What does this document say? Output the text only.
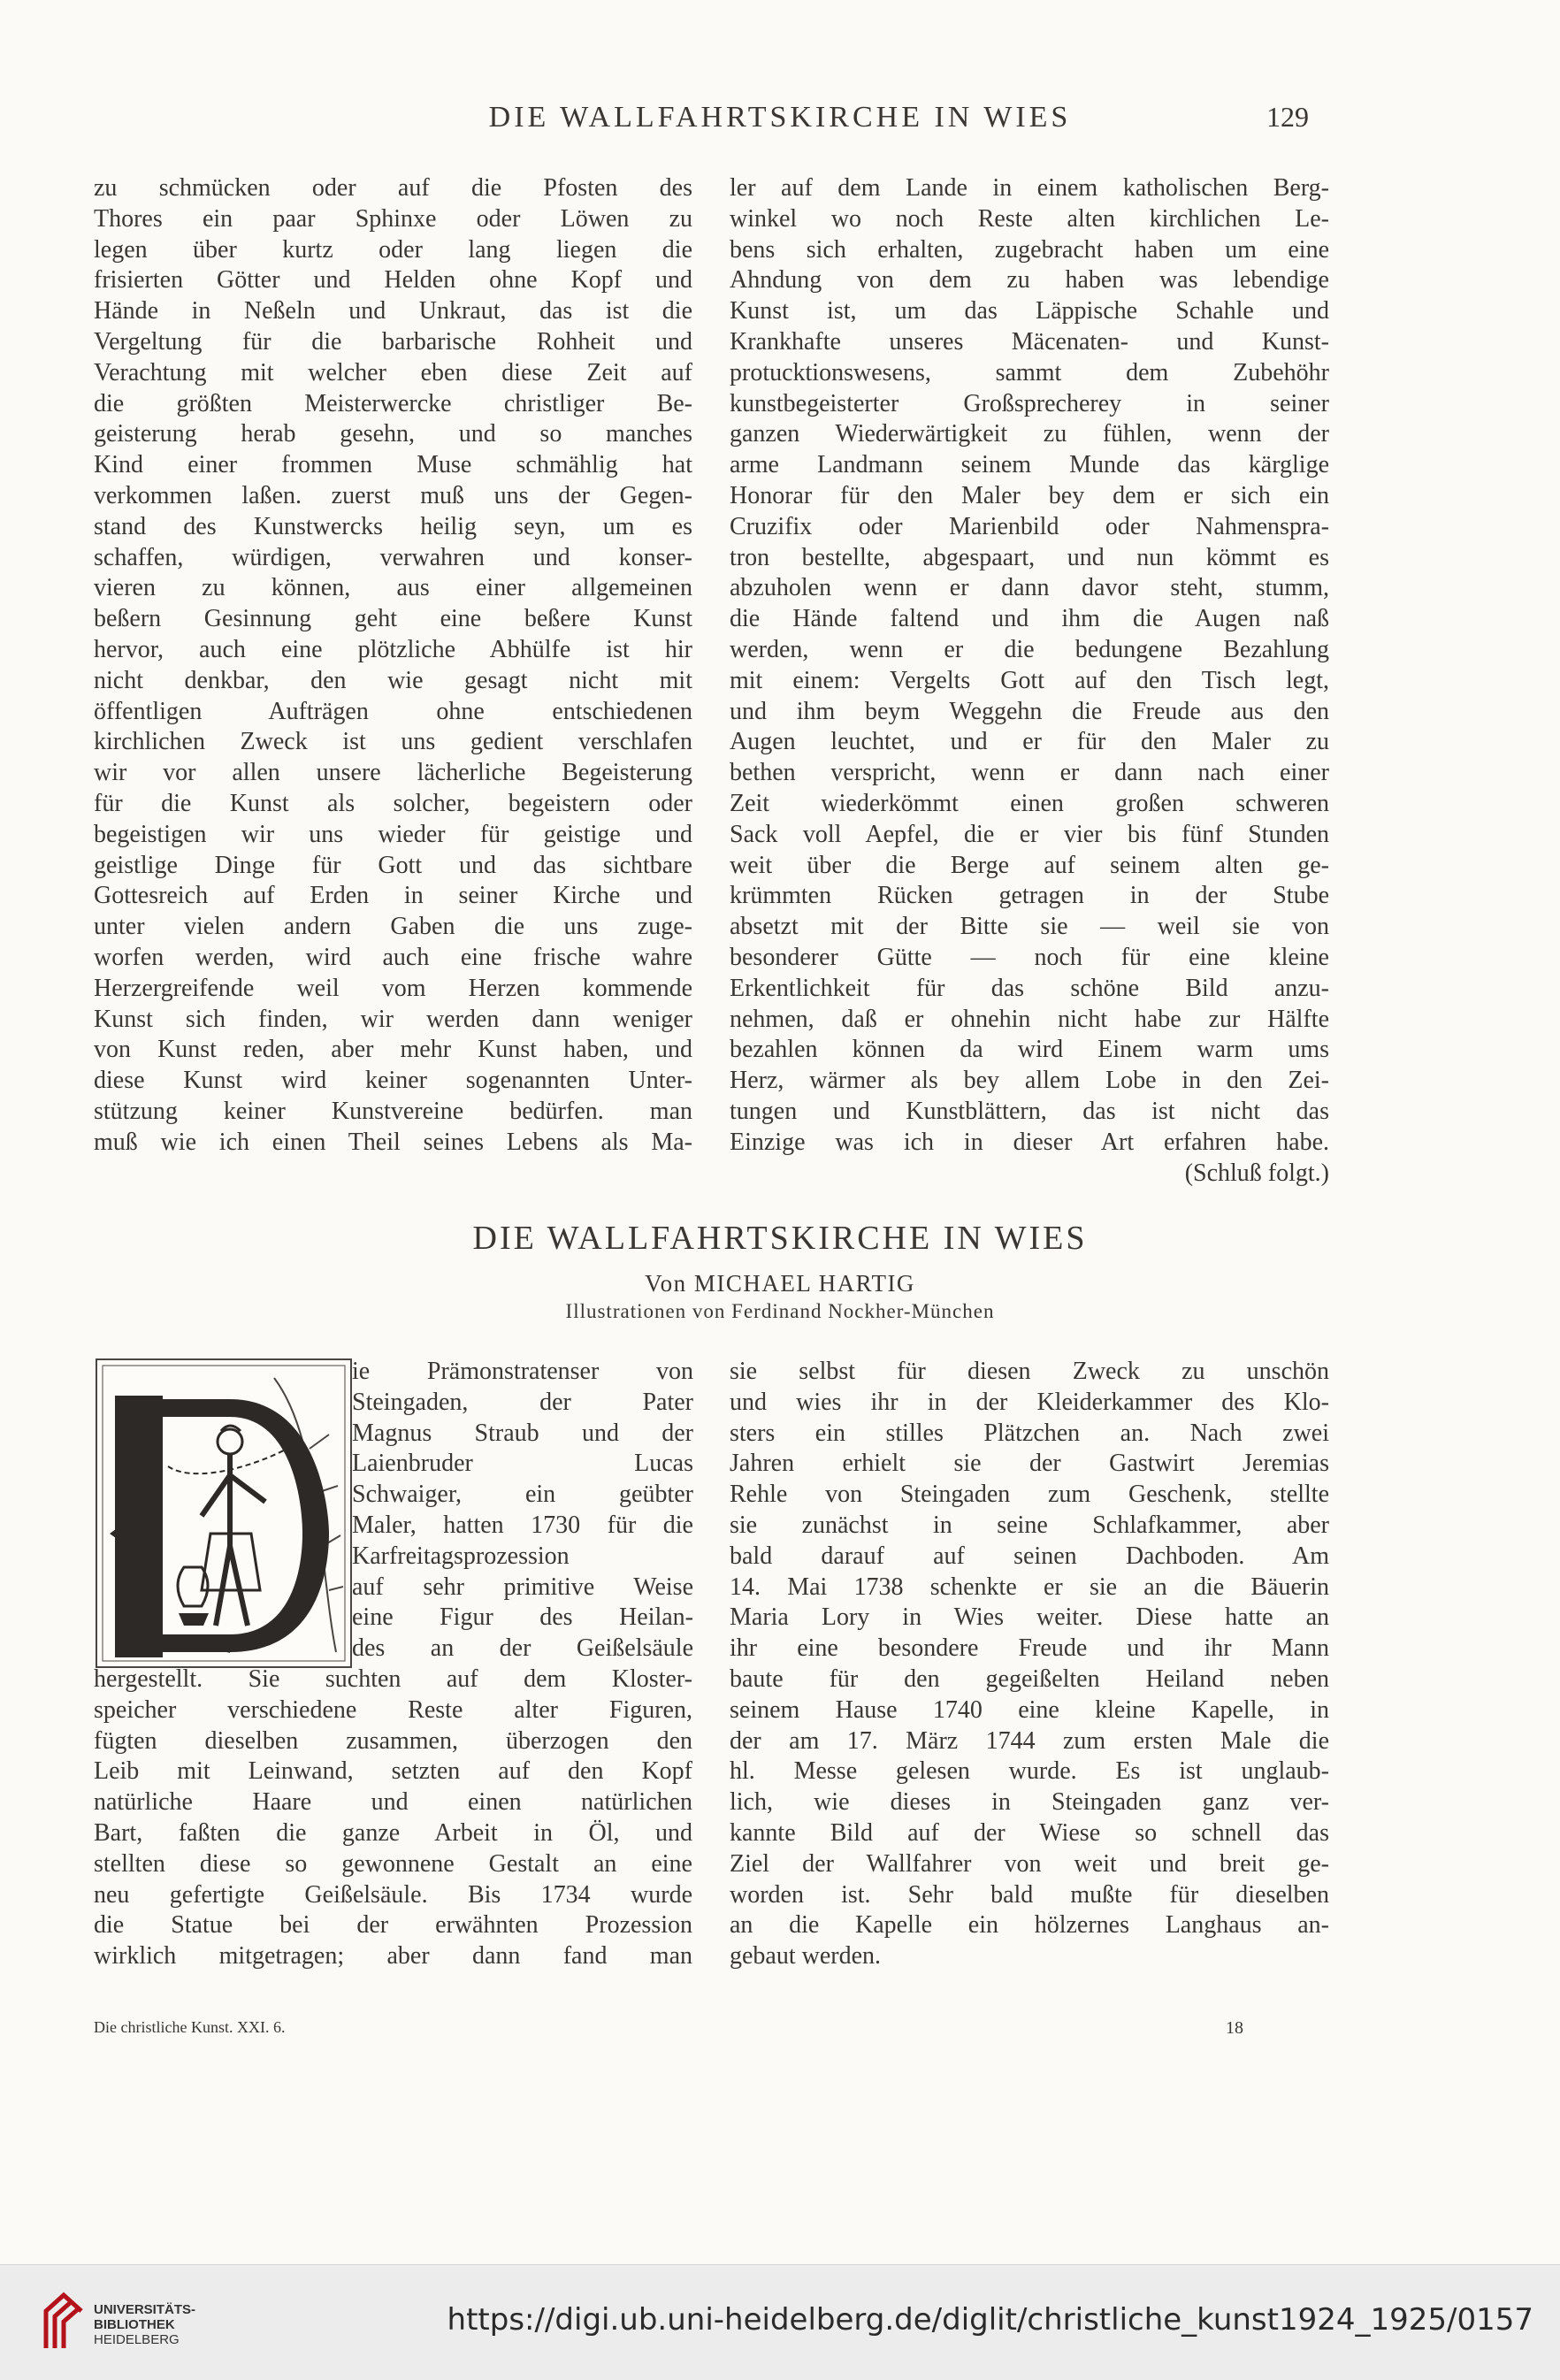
DIE WALLFAHRTSKIRCHE IN WIES	129
zu schmücken oder auf die Pfosten des
Thores ein paar Sphinxe oder Löwen zu
legen über kurtz oder lang liegen die
frisierten Götter und Helden ohne Kopf und
Hände in Neßeln und Unkraut, das ist die
Vergeltung für die barbarische Rohheit und
Verachtung mit welcher eben diese Zeit auf
die größten Meisterwercke christliger Be-
geisterung herab gesehn, und so manches
Kind einer frommen Muse schmählig hat
verkommen laßen. zuerst muß uns der Gegen-
stand des Kunstwercks heilig seyn, um es
schaffen, würdigen, verwahren und konser-
vieren zu können, aus einer allgemeinen
beßern Gesinnung geht eine beßere Kunst
hervor, auch eine plötzliche Abhülfe ist hir
nicht denkbar, den wie gesagt nicht mit
öffentligen Aufträgen ohne entschiedenen
kirchlichen Zweck ist uns gedient verschlafen
wir vor allen unsere lächerliche Begeisterung
für die Kunst als solcher, begeistern oder
begeistigen wir uns wieder für geistige und
geistlige Dinge für Gott und das sichtbare
Gottesreich auf Erden in seiner Kirche und
unter vielen andern Gaben die uns zuge-
worfen werden, wird auch eine frische wahre
Herzergreifende weil vom Herzen kommende
Kunst sich finden, wir werden dann weniger
von Kunst reden, aber mehr Kunst haben, und
diese Kunst wird keiner sogenannten Unter-
stützung keiner Kunstvereine bedürfen. man
muß wie ich einen Theil seines Lebens als Ma-
ler auf dem Lande in einem katholischen Berg-
winkel wo noch Reste alten kirchlichen Le-
bens sich erhalten, zugebracht haben um eine
Ahndung von dem zu haben was lebendige
Kunst ist, um das Läppische Schahle und
Krankhafte unseres Mäcenaten- und Kunst-
protucktionswesens, sammt dem Zubehöhr
kunstbegeisterter Großsprecherey in seiner
ganzen Wiederwärtigkeit zu fühlen, wenn der
arme Landmann seinem Munde das kärglige
Honorar für den Maler bey dem er sich ein
Cruzifix oder Marienbild oder Nahmenspra-
tron bestellte, abgespaart, und nun kömmt es
abzuholen wenn er dann davor steht, stumm,
die Hände faltend und ihm die Augen naß
werden, wenn er die bedungene Bezahlung
mit einem: Vergelts Gott auf den Tisch legt,
und ihm beym Weggehn die Freude aus den
Augen leuchtet, und er für den Maler zu
bethen verspricht, wenn er dann nach einer
Zeit wiederkömmt einen großen schweren
Sack voll Aepfel, die er vier bis fünf Stunden
weit über die Berge auf seinem alten ge-
krümmten Rücken getragen in der Stube
absetzt mit der Bitte sie — weil sie von
besonderer Gütte — noch für eine kleine
Erkentlichkeit für das schöne Bild anzu-
nehmen, daß er ohnehin nicht habe zur Hälfte
bezahlen können da wird Einem warm ums
Herz, wärmer als bey allem Lobe in den Zei-
tungen und Kunstblättern, das ist nicht das
Einzige was ich in dieser Art erfahren habe.
(Schluß folgt.)
DIE WALLFAHRTSKIRCHE IN WIES
Von MICHAEL HARTIG
Illustrationen von Ferdinand Nockher-München
ie Prämonstratenser von
Steingaden, der Pater
Magnus Straub und der
Laienbruder Lucas
Schwaiger, ein geübter
Maler, hatten 1730 für die
Karfreitagsprozession
auf sehr primitive Weise
eine Figur des Heilan-
des an der Geißelsäule
hergestellt. Sie suchten auf dem Kloster-
speicher verschiedene Reste alter Figuren,
fügten dieselben zusammen, überzogen den
Leib mit Leinwand, setzten auf den Kopf
natürliche Haare und einen natürlichen
Bart, faßten die ganze Arbeit in Öl, und
stellten diese so gewonnene Gestalt an eine
neu gefertigte Geißelsäule. Bis 1734 wurde
die Statue bei der erwähnten Prozession
wirklich mitgetragen; aber dann fand man
sie selbst für diesen Zweck zu unschön
und wies ihr in der Kleiderkammer des Klo-
sters ein stilles Plätzchen an. Nach zwei
Jahren erhielt sie der Gastwirt Jeremias
Rehle von Steingaden zum Geschenk, stellte
sie zunächst in seine Schlafkammer, aber
bald darauf auf seinen Dachboden. Am
14. Mai 1738 schenkte er sie an die Bäuerin
Maria Lory in Wies weiter. Diese hatte an
ihr eine besondere Freude und ihr Mann
baute für den gegeißelten Heiland neben
seinem Hause 1740 eine kleine Kapelle, in
der am 17. März 1744 zum ersten Male die
hl. Messe gelesen wurde. Es ist unglaub-
lich, wie dieses in Steingaden ganz ver-
kannte Bild auf der Wiese so schnell das
Ziel der Wallfahrer von weit und breit ge-
worden ist. Sehr bald mußte für dieselben
an die Kapelle ein hölzernes Langhaus an-
gebaut werden.
Die christliche Kunst. XXI. 6.	18
UNIVERSITÄTS-
BIBLIOTHEK
HEIDELBERG
https://digi.ub.uni-heidelberg.de/diglit/christliche_kunst1924_1925/0157
